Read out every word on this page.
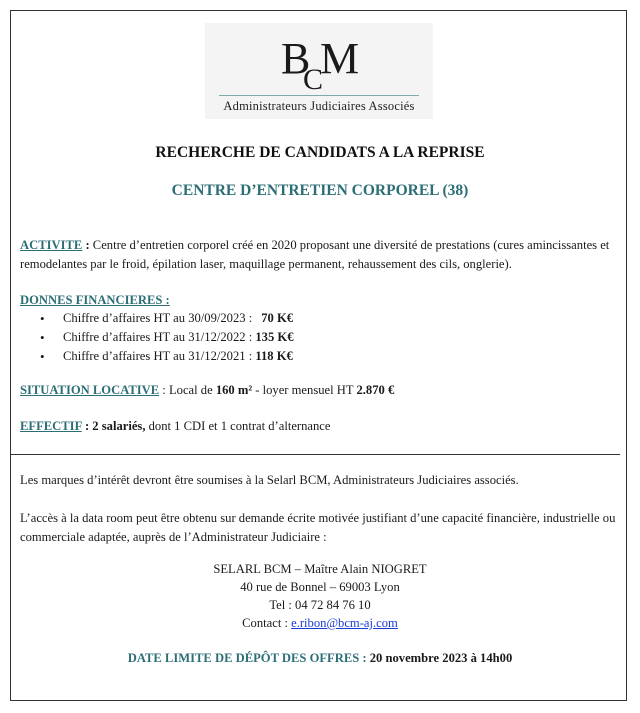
B
C
M
Administrateurs Judiciaires Associés
RECHERCHE DE CANDIDATS A LA REPRISE
CENTRE D’ENTRETIEN CORPOREL (38)
ACTIVITE : Centre d’entretien corporel créé en 2020 proposant une diversité de prestations (cures amincissantes et remodelantes par le froid, épilation laser, maquillage permanent, rehaussement des cils, onglerie).
DONNES FINANCIERES :
• Chiffre d’affaires HT au 30/09/2023 : 70 K€
• Chiffre d’affaires HT au 31/12/2022 : 135 K€
• Chiffre d’affaires HT au 31/12/2021 : 118 K€
SITUATION LOCATIVE : Local de 160 m² - loyer mensuel HT 2.870 €
EFFECTIF : 2 salariés, dont 1 CDI et 1 contrat d’alternance
Les marques d’intérêt devront être soumises à la Selarl BCM, Administrateurs Judiciaires associés.
L’accès à la data room peut être obtenu sur demande écrite motivée justifiant d’une capacité financière, industrielle ou commerciale adaptée, auprès de l’Administrateur Judiciaire :
SELARL BCM – Maître Alain NIOGRET
40 rue de Bonnel – 69003 Lyon
Tel : 04 72 84 76 10
Contact : e.ribon@bcm-aj.com
DATE LIMITE DE DÉPÔT DES OFFRES : 20 novembre 2023 à 14h00
